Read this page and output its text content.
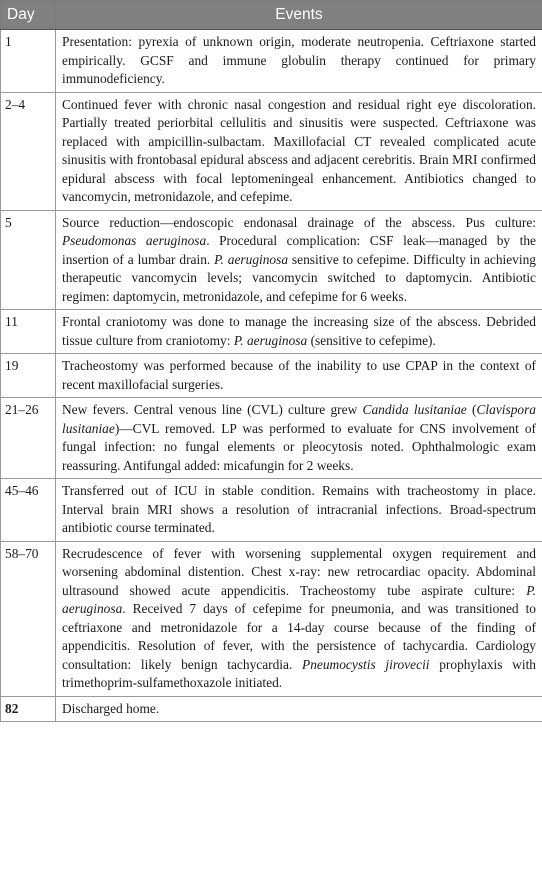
Day	Events
1	Presentation: pyrexia of unknown origin, moderate neutropenia. Ceftriaxone started empirically. GCSF and immune globulin therapy continued for primary immunodeficiency.
2–4	Continued fever with chronic nasal congestion and residual right eye discoloration. Partially treated periorbital cellulitis and sinusitis were suspected. Ceftriaxone was replaced with ampicillin-sulbactam. Maxillofacial CT revealed complicated acute sinusitis with frontobasal epidural abscess and adjacent cerebritis. Brain MRI confirmed epidural abscess with focal leptomeningeal enhancement. Antibiotics changed to vancomycin, metronidazole, and cefepime.
5	Source reduction—endoscopic endonasal drainage of the abscess. Pus culture: Pseudomonas aeruginosa. Procedural complication: CSF leak—managed by the insertion of a lumbar drain. P. aeruginosa sensitive to cefepime. Difficulty in achieving therapeutic vancomycin levels; vancomycin switched to daptomycin. Antibiotic regimen: daptomycin, metronidazole, and cefepime for 6 weeks.
11	Frontal craniotomy was done to manage the increasing size of the abscess. Debrided tissue culture from craniotomy: P. aeruginosa (sensitive to cefepime).
19	Tracheostomy was performed because of the inability to use CPAP in the context of recent maxillofacial surgeries.
21–26	New fevers. Central venous line (CVL) culture grew Candida lusitaniae (Clavispora lusitaniae)—CVL removed. LP was performed to evaluate for CNS involvement of fungal infection: no fungal elements or pleocytosis noted. Ophthalmologic exam reassuring. Antifungal added: micafungin for 2 weeks.
45–46	Transferred out of ICU in stable condition. Remains with tracheostomy in place. Interval brain MRI shows a resolution of intracranial infections. Broad-spectrum antibiotic course terminated.
58–70	Recrudescence of fever with worsening supplemental oxygen requirement and worsening abdominal distention. Chest x-ray: new retrocardiac opacity. Abdominal ultrasound showed acute appendicitis. Tracheostomy tube aspirate culture: P. aeruginosa. Received 7 days of cefepime for pneumonia, and was transitioned to ceftriaxone and metronidazole for a 14-day course because of the finding of appendicitis. Resolution of fever, with the persistence of tachycardia. Cardiology consultation: likely benign tachycardia. Pneumocystis jirovecii prophylaxis with trimethoprim-sulfamethoxazole initiated.
82	Discharged home.
